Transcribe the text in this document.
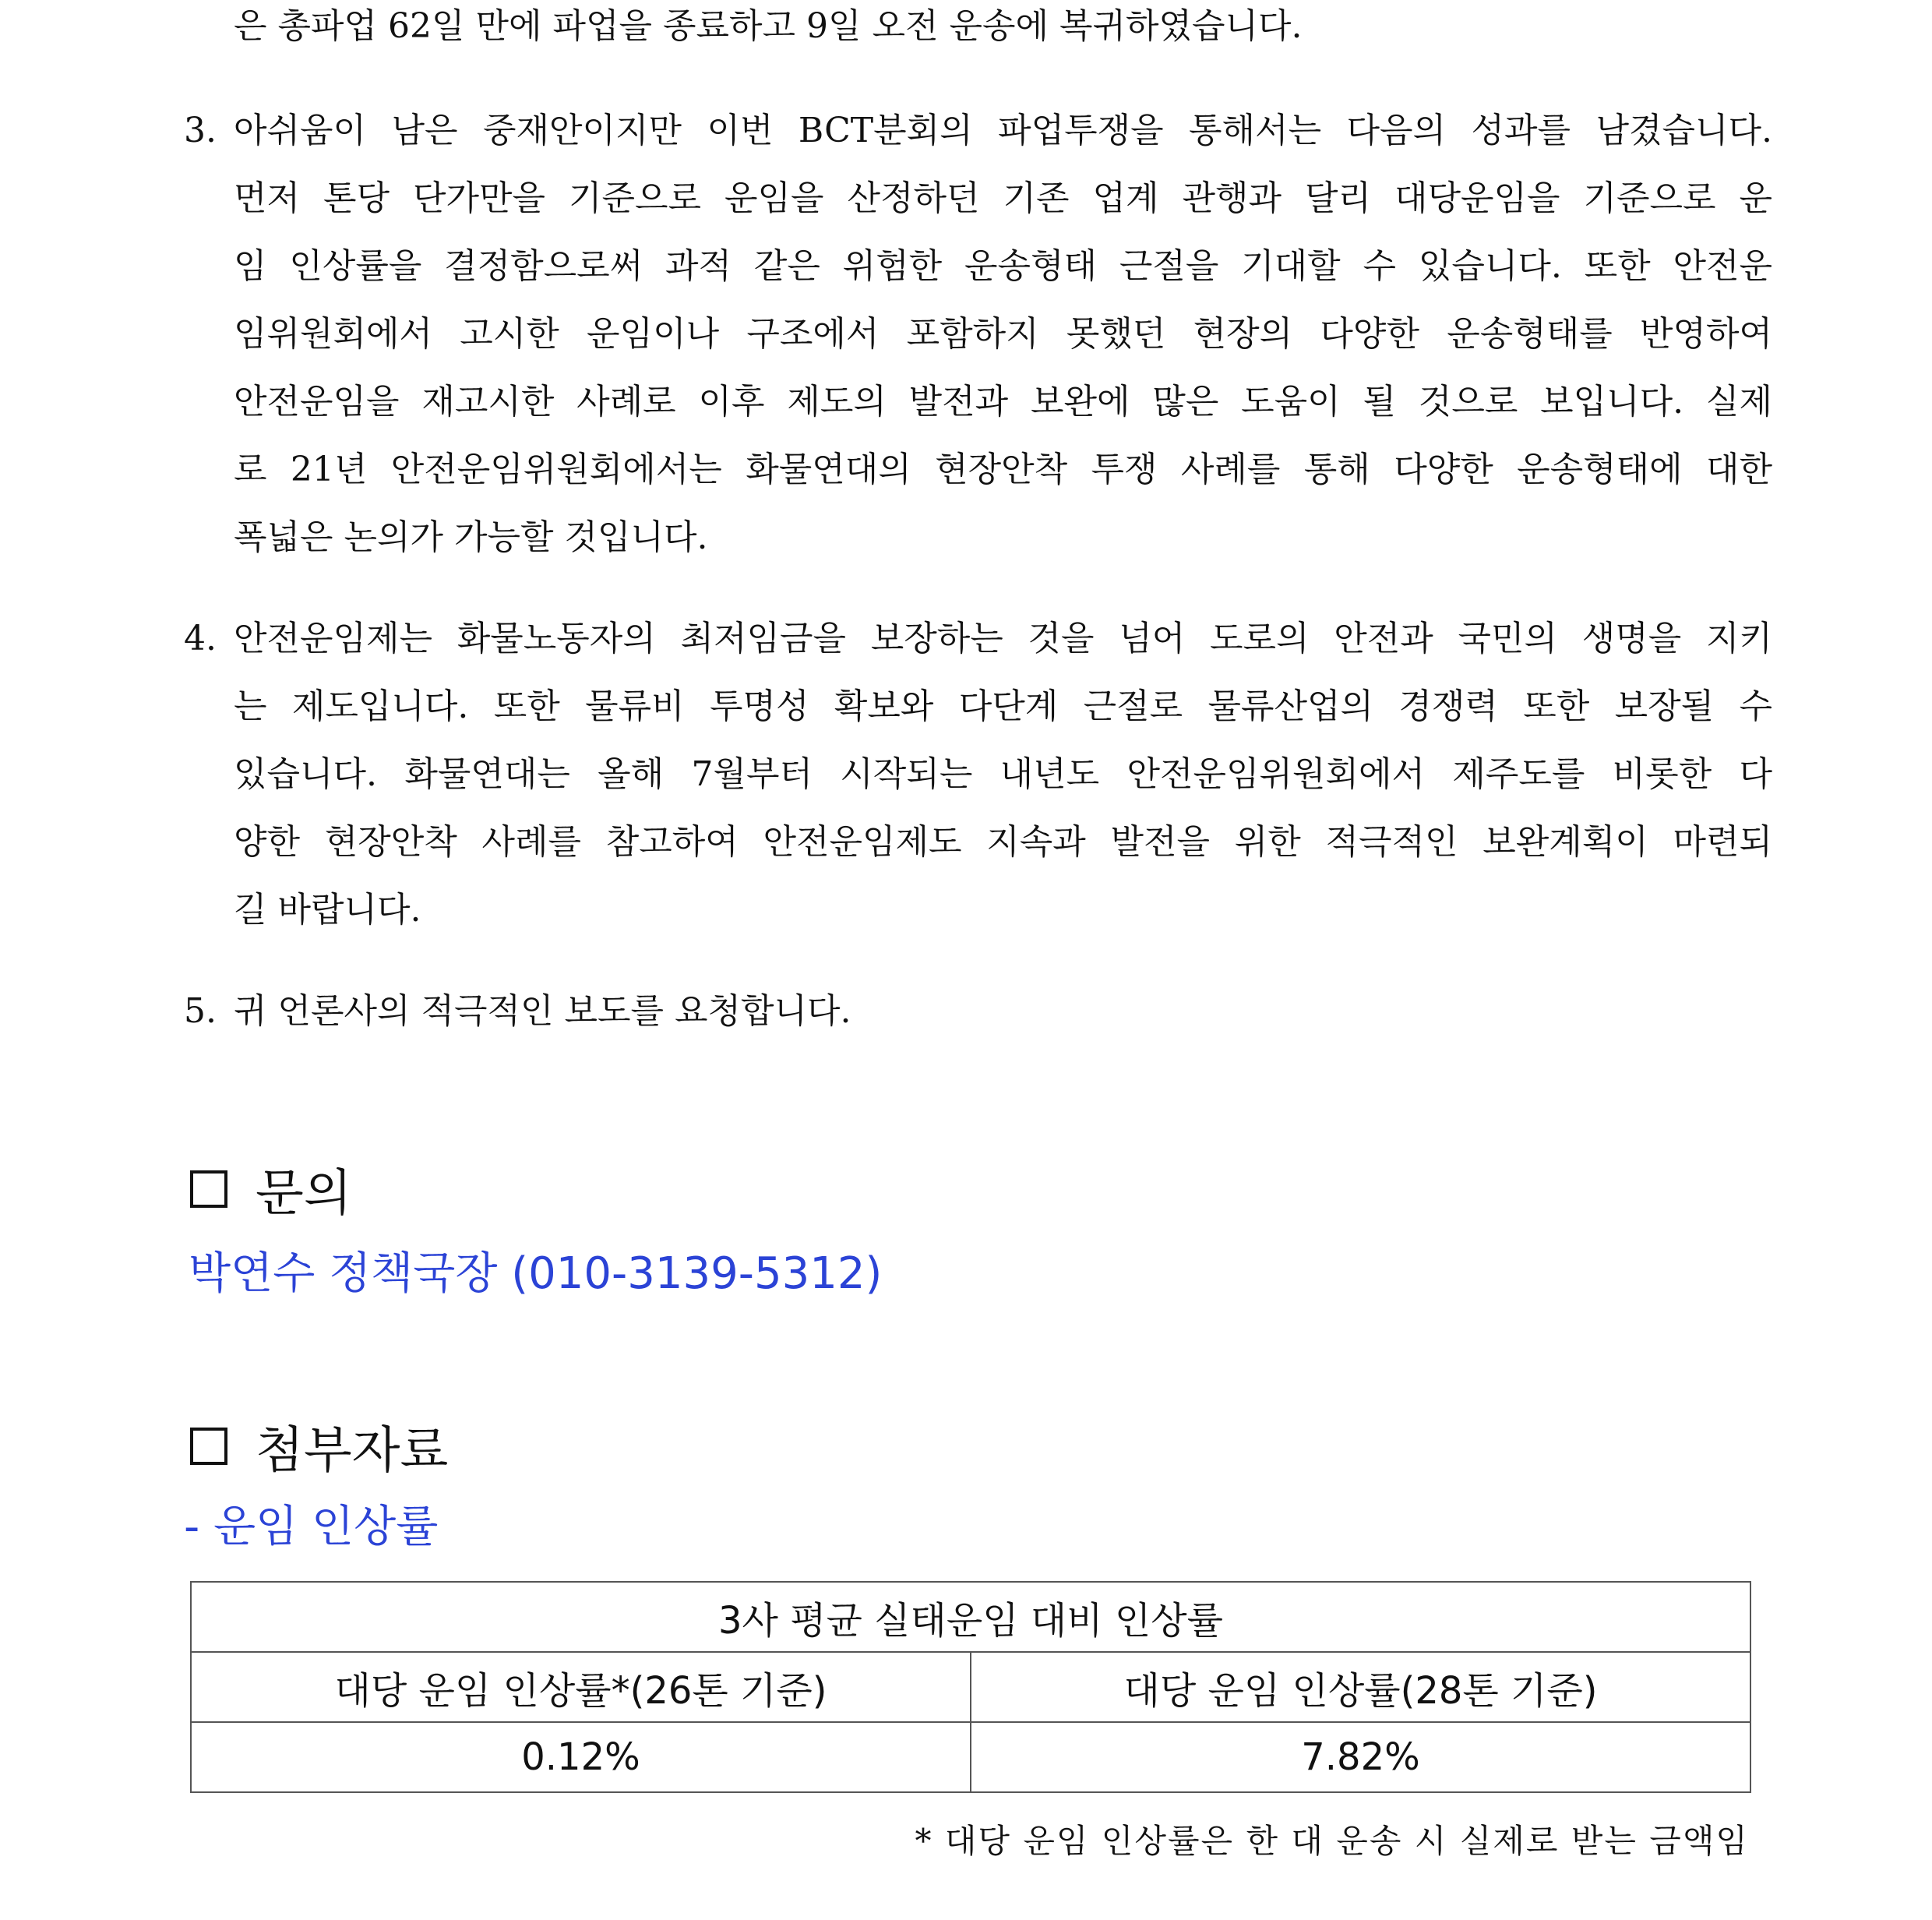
은 총파업 62일 만에 파업을 종료하고 9일 오전 운송에 복귀하였습니다.

3. 아쉬움이 남은 중재안이지만 이번 BCT분회의 파업투쟁을 통해서는 다음의 성과를 남겼습니다.
먼저 톤당 단가만을 기준으로 운임을 산정하던 기존 업계 관행과 달리 대당운임을 기준으로 운
임 인상률을 결정함으로써 과적 같은 위험한 운송형태 근절을 기대할 수 있습니다. 또한 안전운
임위원회에서 고시한 운임이나 구조에서 포함하지 못했던 현장의 다양한 운송형태를 반영하여
안전운임을 재고시한 사례로 이후 제도의 발전과 보완에 많은 도움이 될 것으로 보입니다. 실제
로 21년 안전운임위원회에서는 화물연대의 현장안착 투쟁 사례를 통해 다양한 운송형태에 대한
폭넓은 논의가 가능할 것입니다.
4. 안전운임제는 화물노동자의 최저임금을 보장하는 것을 넘어 도로의 안전과 국민의 생명을 지키
는 제도입니다. 또한 물류비 투명성 확보와 다단계 근절로 물류산업의 경쟁력 또한 보장될 수
있습니다. 화물연대는 올해 7월부터 시작되는 내년도 안전운임위원회에서 제주도를 비롯한 다
양한 현장안착 사례를 참고하여 안전운임제도 지속과 발전을 위한 적극적인 보완계획이 마련되
길 바랍니다.
5. 귀 언론사의 적극적인 보도를 요청합니다.
문의
박연수 정책국장 (010-3139-5312)
첨부자료
- 운임 인상률
3사 평균 실태운임 대비 인상률	
대당 운임 인상률*(26톤 기준)	대당 운임 인상률(28톤 기준)
0.12%	7.82%
* 대당 운임 인상률은 한 대 운송 시 실제로 받는 금액임
